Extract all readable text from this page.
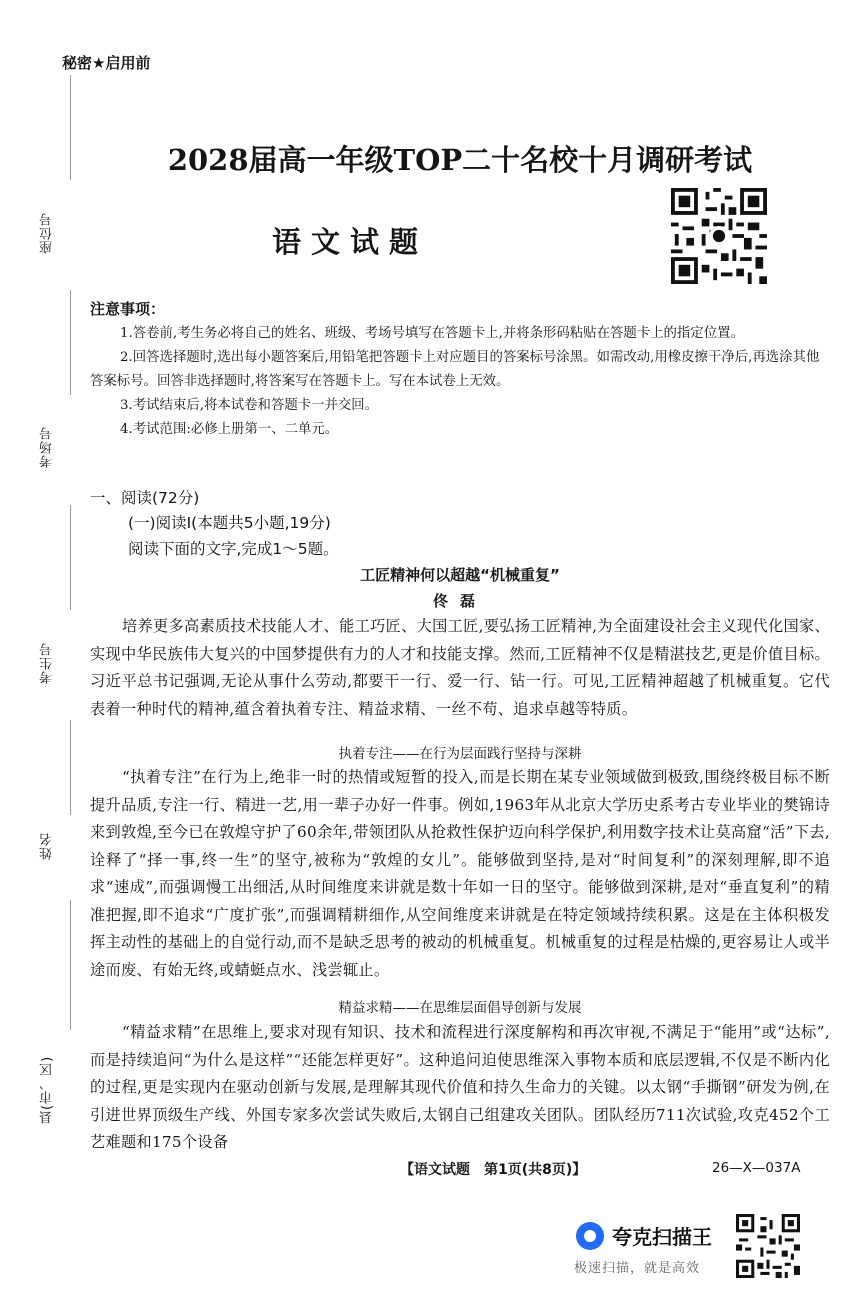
秘密★启用前
座位号
考场号
考生号
姓名
县(市、区)
2028届高一年级TOP二十名校十月调研考试
语文试题
注意事项：

1.答卷前,考生务必将自己的姓名、班级、考场号填写在答题卡上,并将条形码粘贴在答题卡上的指定位置。

2.回答选择题时,选出每小题答案后,用铅笔把答题卡上对应题目的答案标号涂黑。如需改动,用橡皮擦干净后,再选涂其他答案标号。回答非选择题时,将答案写在答题卡上。写在本试卷上无效。

3.考试结束后,将本试卷和答题卡一并交回。

4.考试范围:必修上册第一、二单元。

一、阅读(72分)
(一)阅读Ⅰ(本题共5小题,19分)
阅读下面的文字,完成1～5题。
工匠精神何以超越“机械重复”
佟磊

培养更多高素质技术技能人才、能工巧匠、大国工匠,要弘扬工匠精神,为全面建设社会主义现代化国家、实现中华民族伟大复兴的中国梦提供有力的人才和技能支撑。然而,工匠精神不仅是精湛技艺,更是价值目标。习近平总书记强调,无论从事什么劳动,都要干一行、爱一行、钻一行。可见,工匠精神超越了机械重复。它代表着一种时代的精神,蕴含着执着专注、精益求精、一丝不苟、追求卓越等特质。

执着专注——在行为层面践行坚持与深耕

“执着专注”在行为上,绝非一时的热情或短暂的投入,而是长期在某专业领域做到极致,围绕终极目标不断提升品质,专注一行、精进一艺,用一辈子办好一件事。例如,1963年从北京大学历史系考古专业毕业的樊锦诗来到敦煌,至今已在敦煌守护了60余年,带领团队从抢救性保护迈向科学保护,利用数字技术让莫高窟“活”下去,诠释了“择一事,终一生”的坚守,被称为“敦煌的女儿”。能够做到坚持,是对“时间复利”的深刻理解,即不追求“速成”,而强调慢工出细活,从时间维度来讲就是数十年如一日的坚守。能够做到深耕,是对“垂直复利”的精准把握,即不追求“广度扩张”,而强调精耕细作,从空间维度来讲就是在特定领域持续积累。这是在主体积极发挥主动性的基础上的自觉行动,而不是缺乏思考的被动的机械重复。机械重复的过程是枯燥的,更容易让人或半途而废、有始无终,或蜻蜓点水、浅尝辄止。

精益求精——在思维层面倡导创新与发展

“精益求精”在思维上,要求对现有知识、技术和流程进行深度解构和再次审视,不满足于“能用”或“达标”,而是持续追问“为什么是这样”“还能怎样更好”。这种追问迫使思维深入事物本质和底层逻辑,不仅是不断内化的过程,更是实现内在驱动创新与发展,是理解其现代价值和持久生命力的关键。以太钢“手撕钢”研发为例,在引进世界顶级生产线、外国专家多次尝试失败后,太钢自己组建攻关团队。团队经历711次试验,攻克452个工艺难题和175个设备

【语文试题　第1页(共8页)】	26—X—037A
夸克扫描王
极速扫描，就是高效
